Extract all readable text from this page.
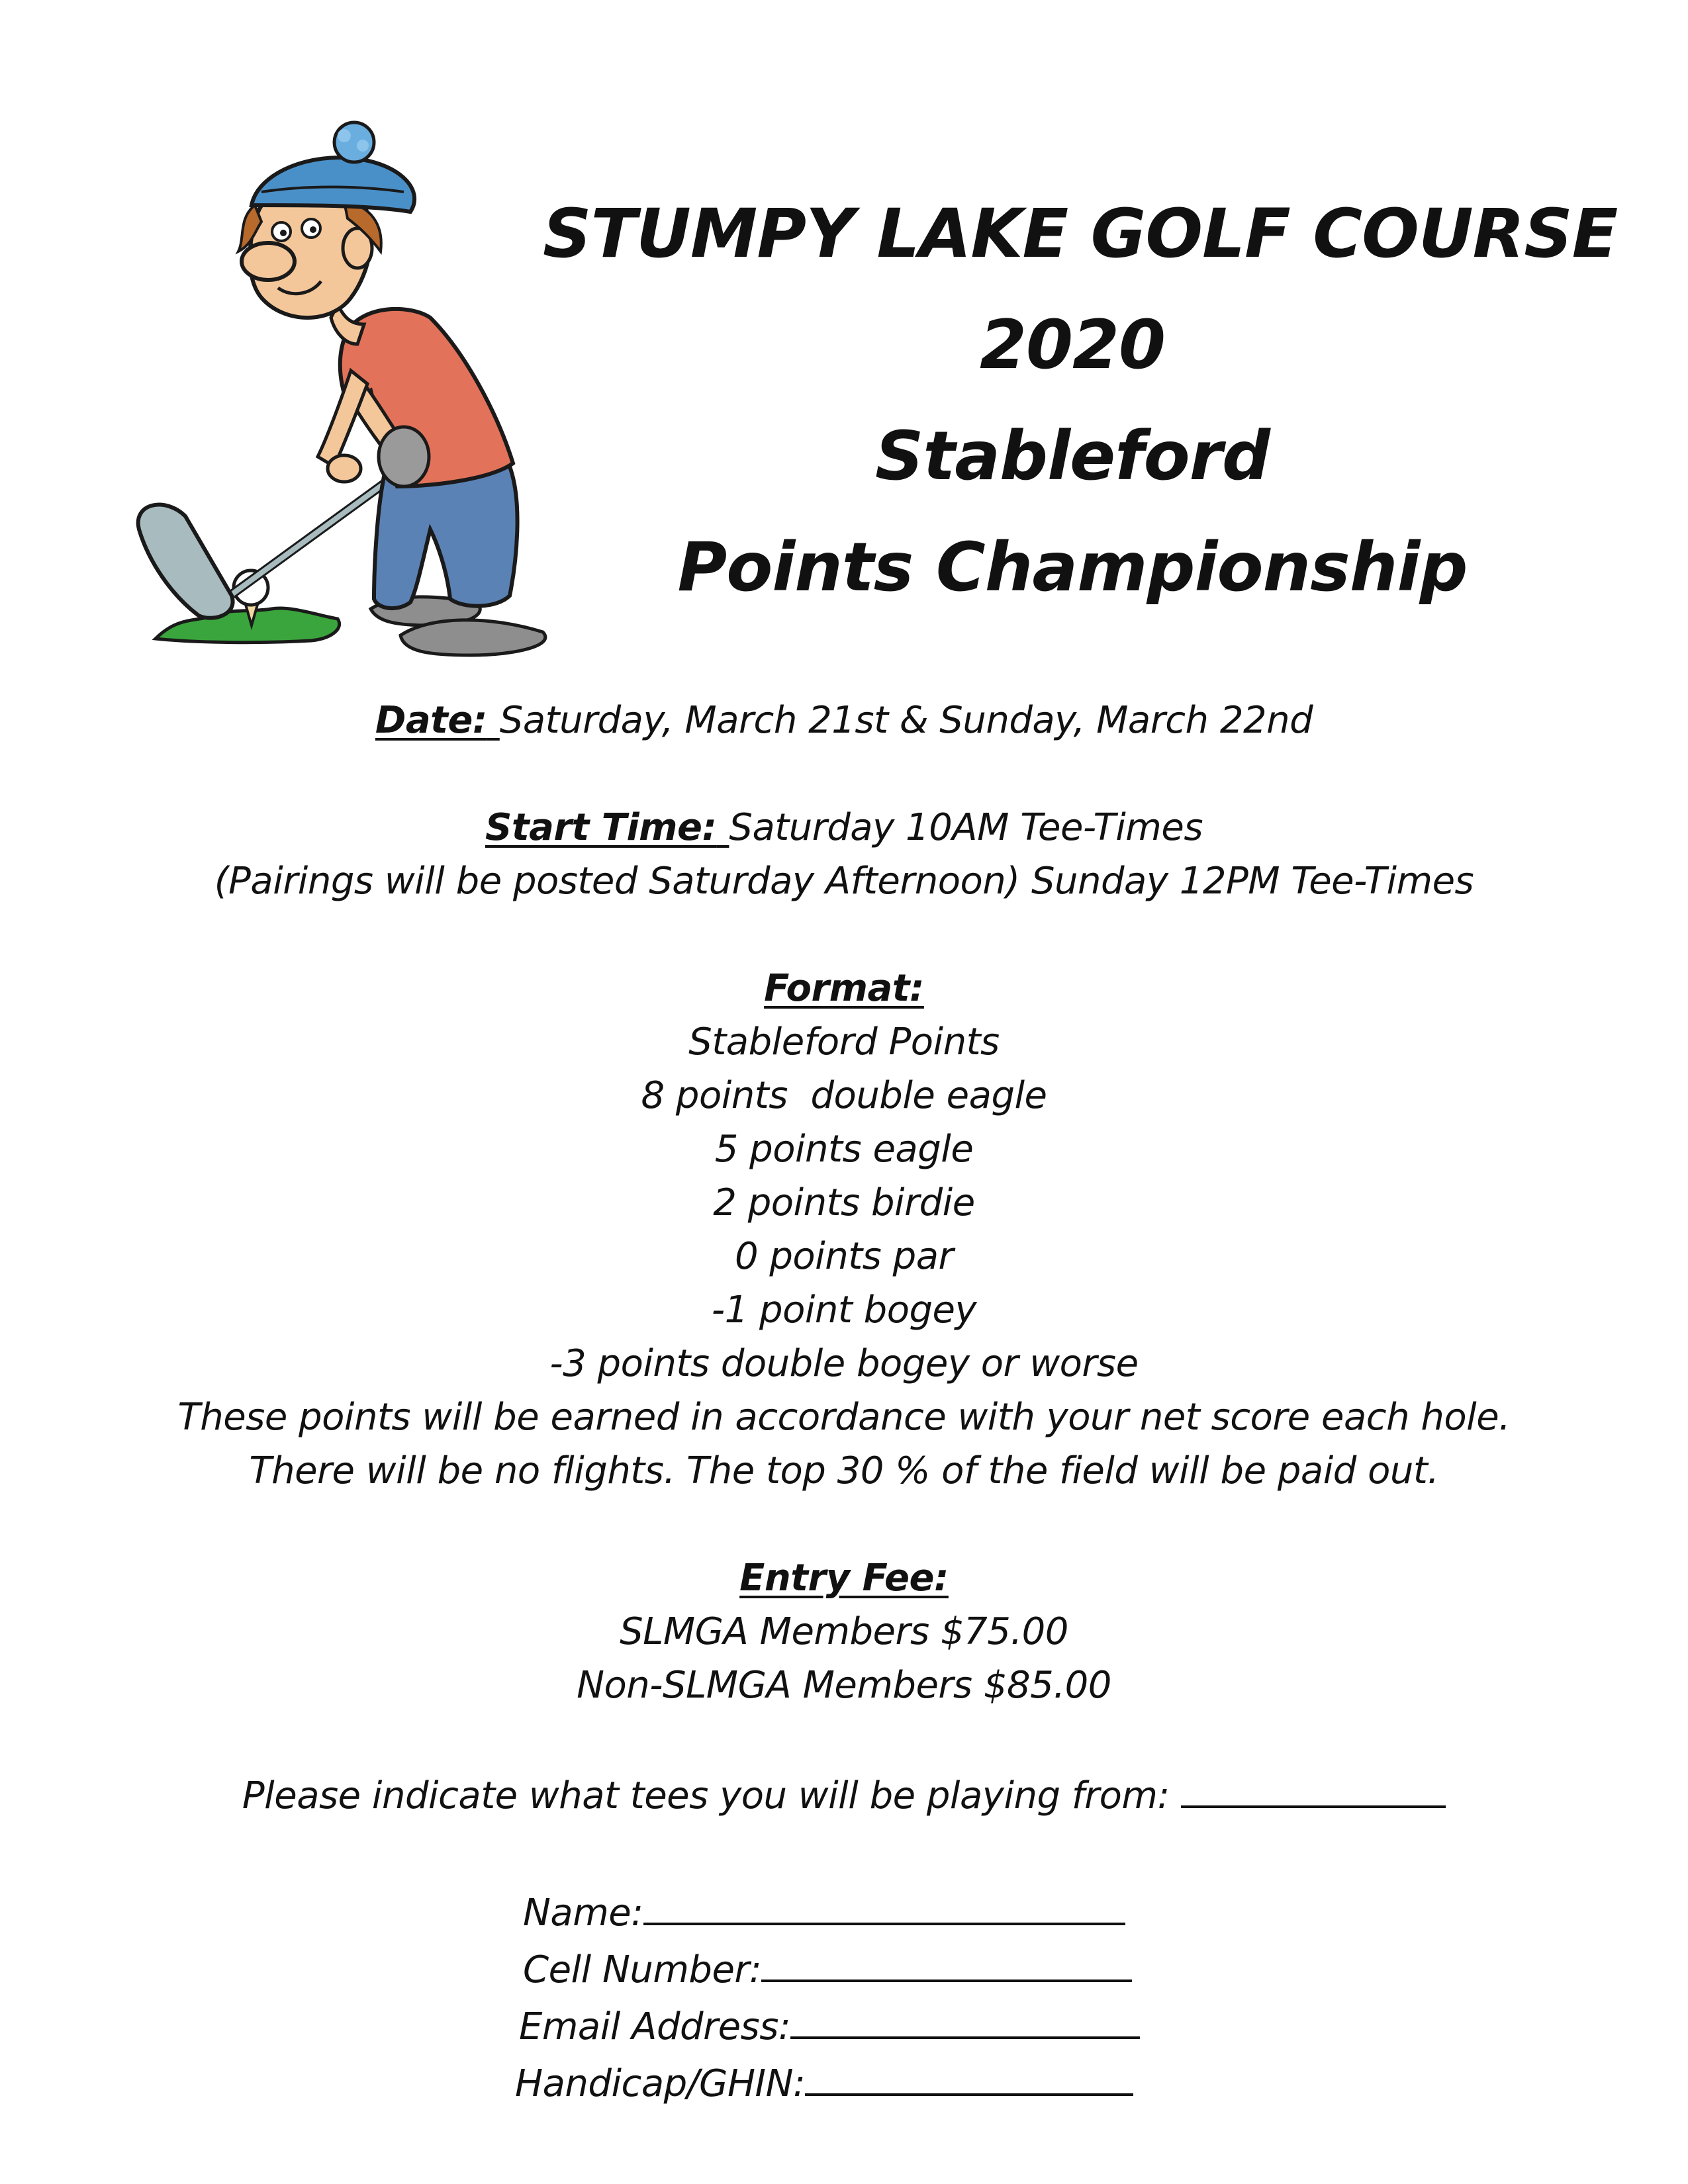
STUMPY LAKE GOLF COURSE
2020
Stableford
Points Championship
Date: Saturday, March 21st & Sunday, March 22nd
Start Time: Saturday 10AM Tee-Times
(Pairings will be posted Saturday Afternoon) Sunday 12PM Tee-Times
Format:
Stableford Points
8 points  double eagle
5 points eagle
2 points birdie
0 points par
-1 point bogey
-3 points double bogey or worse
These points will be earned in accordance with your net score each hole.
There will be no flights. The top 30 % of the field will be paid out.
Entry Fee:
SLMGA Members $75.00
Non-SLMGA Members $85.00
Please indicate what tees you will be playing from:
Name:
Cell Number:
Email Address:
Handicap/GHIN:
